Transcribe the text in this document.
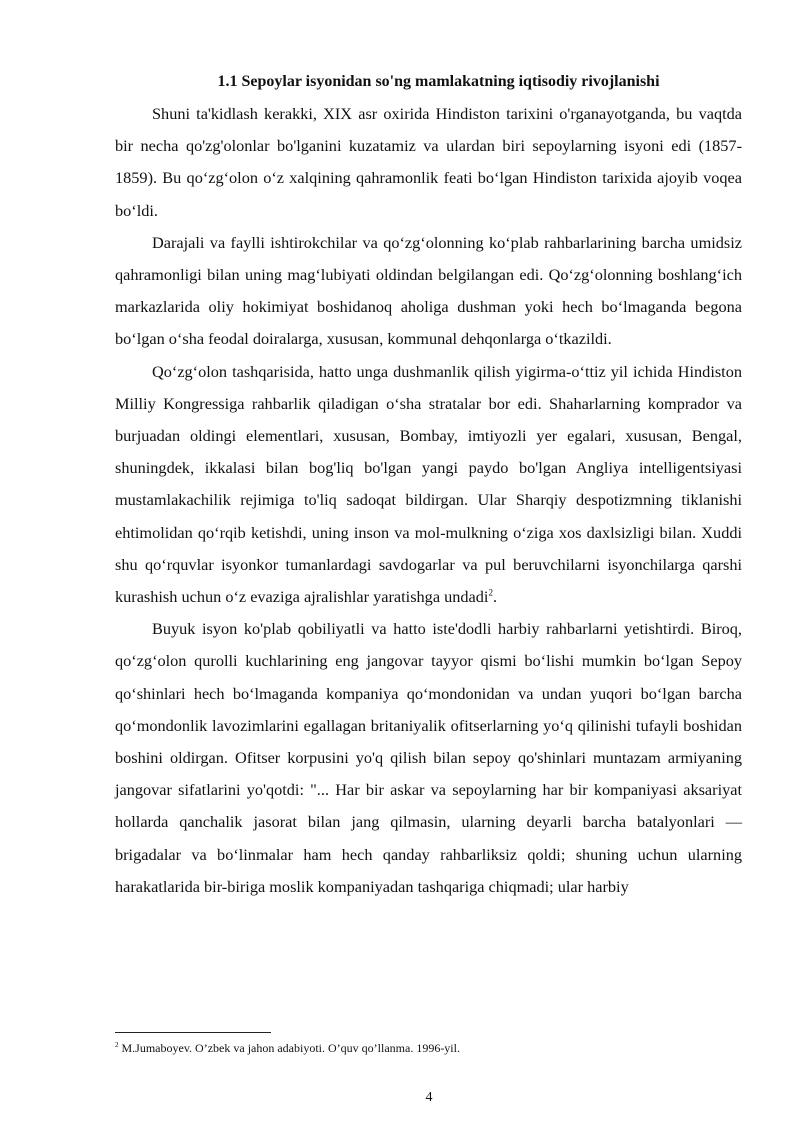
1.1 Sepoylar isyonidan so'ng mamlakatning iqtisodiy rivojlanishi

Shuni ta'kidlash kerakki, XIX asr oxirida Hindiston tarixini o'rganayotganda, bu vaqtda bir necha qo'zg'olonlar bo'lganini kuzatamiz va ulardan biri sepoylarning isyoni edi (1857-1859). Bu qo‘zg‘olon o‘z xalqining qahramonlik feati bo‘lgan Hindiston tarixida ajoyib voqea bo‘ldi.

Darajali va faylli ishtirokchilar va qo‘zg‘olonning ko‘plab rahbarlarining barcha umidsiz qahramonligi bilan uning mag‘lubiyati oldindan belgilangan edi. Qo‘zg‘olonning boshlang‘ich markazlarida oliy hokimiyat boshidanoq aholiga dushman yoki hech bo‘lmaganda begona bo‘lgan o‘sha feodal doiralarga, xususan, kommunal dehqonlarga o‘tkazildi.

Qo‘zg‘olon tashqarisida, hatto unga dushmanlik qilish yigirma-o‘ttiz yil ichida Hindiston Milliy Kongressiga rahbarlik qiladigan o‘sha stratalar bor edi. Shaharlarning komprador va burjuadan oldingi elementlari, xususan, Bombay, imtiyozli yer egalari, xususan, Bengal, shuningdek, ikkalasi bilan bog'liq bo'lgan yangi paydo bo'lgan Angliya intelligentsiyasi mustamlakachilik rejimiga to'liq sadoqat bildirgan. Ular Sharqiy despotizmning tiklanishi ehtimolidan qo‘rqib ketishdi, uning inson va mol-mulkning o‘ziga xos daxlsizligi bilan. Xuddi shu qo‘rquvlar isyonkor tumanlardagi savdogarlar va pul beruvchilarni isyonchilarga qarshi kurashish uchun o‘z evaziga ajralishlar yaratishga undadi$^2$.

Buyuk isyon ko'plab qobiliyatli va hatto iste'dodli harbiy rahbarlarni yetishtirdi. Biroq, qo‘zg‘olon qurolli kuchlarining eng jangovar tayyor qismi bo‘lishi mumkin bo‘lgan Sepoy qo‘shinlari hech bo‘lmaganda kompaniya qo‘mondonidan va undan yuqori bo‘lgan barcha qo‘mondonlik lavozimlarini egallagan britaniyalik ofitserlarning yo‘q qilinishi tufayli boshidan boshini oldirgan. Ofitser korpusini yo'q qilish bilan sepoy qo'shinlari muntazam armiyaning jangovar sifatlarini yo'qotdi: "... Har bir askar va sepoylarning har bir kompaniyasi aksariyat hollarda qanchalik jasorat bilan jang qilmasin, ularning deyarli barcha batalyonlari — brigadalar va bo‘linmalar ham hech qanday rahbarliksiz qoldi; shuning uchun ularning harakatlarida bir-biriga moslik kompaniyadan tashqariga chiqmadi; ular harbiy

$^2$ M.Jumaboyev. O’zbek va jahon adabiyoti. O’quv qo’llanma. 1996-yil.

4
